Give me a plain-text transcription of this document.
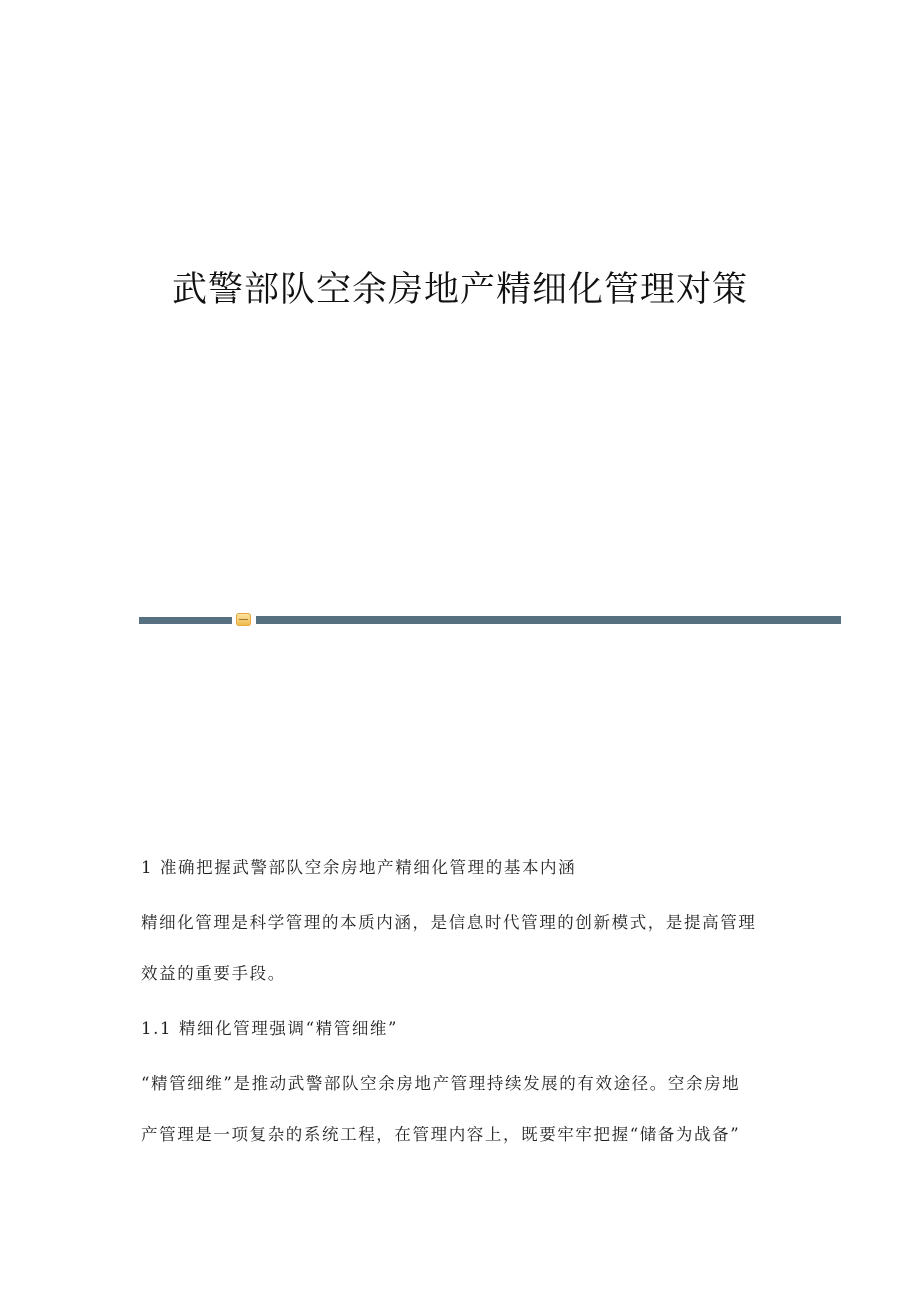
武警部队空余房地产精细化管理对策
1 准确把握武警部队空余房地产精细化管理的基本内涵
精细化管理是科学管理的本质内涵，是信息时代管理的创新模式，是提高管理
效益的重要手段。
1.1 精细化管理强调“精管细维”
“精管细维”是推动武警部队空余房地产管理持续发展的有效途径。空余房地
产管理是一项复杂的系统工程，在管理内容上，既要牢牢把握“储备为战备”
